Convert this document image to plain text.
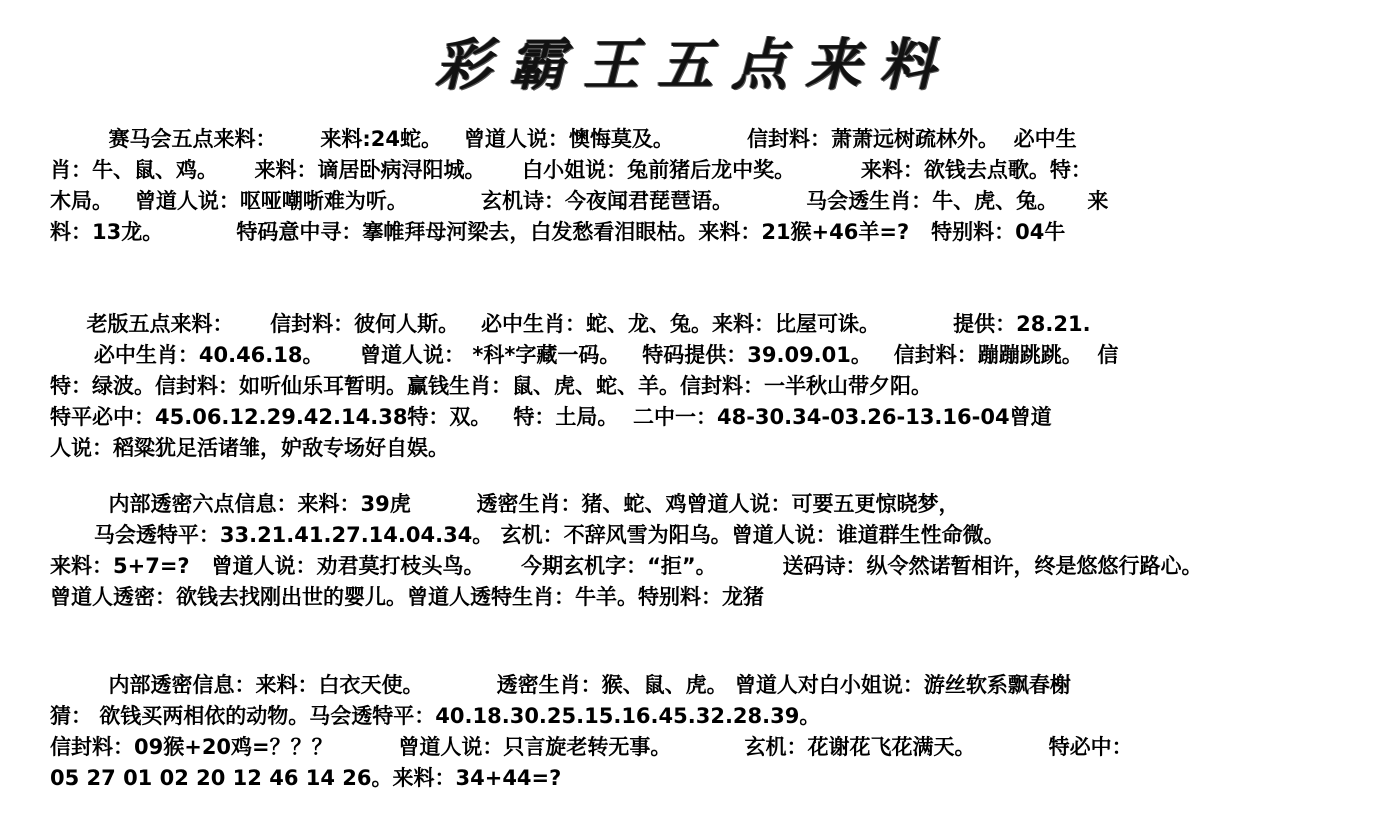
彩霸王五点来料
赛马会五点来料：      来料:24蛇。   曾道人说：懊悔莫及。          信封料：萧萧远树疏林外。  必中生
肖：牛、鼠、鸡。     来料：谪居卧病浔阳城。     白小姐说：兔前猪后龙中奖。         来料：欲钱去点歌。特：
木局。   曾道人说：呕哑嘲哳难为听。          玄机诗：今夜闻君琵琶语。          马会透生肖：牛、虎、兔。    来
料：13龙。          特码意中寻：搴帷拜母河梁去，白发愁看泪眼枯。来料：21猴+46羊=?   特别料：04牛
老版五点来料：     信封料：彼何人斯。   必中生肖：蛇、龙、兔。来料：比屋可诛。          提供：28.21.
必中生肖：40.46.18。     曾道人说： *科*字藏一码。   特码提供：39.09.01。   信封料：蹦蹦跳跳。  信
特：绿波。信封料：如听仙乐耳暂明。赢钱生肖：鼠、虎、蛇、羊。信封料：一半秋山带夕阳。
特平必中：45.06.12.29.42.14.38特：双。   特：土局。  二中一：48-30.34-03.26-13.16-04曾道
人说：稻粱犹足活诸雏，妒敌专场好自娱。
内部透密六点信息：来料：39虎         透密生肖：猪、蛇、鸡曾道人说：可要五更惊晓梦，
马会透特平：33.21.41.27.14.04.34。 玄机：不辞风雪为阳乌。曾道人说：谁道群生性命微。
来料：5+7=?   曾道人说：劝君莫打枝头鸟。     今期玄机字：“拒”。         送码诗：纵令然诺暂相许，终是悠悠行路心。
曾道人透密：欲钱去找刚出世的婴儿。曾道人透特生肖：牛羊。特别料：龙猪
内部透密信息：来料：白衣天使。          透密生肖：猴、鼠、虎。 曾道人对白小姐说：游丝软系飘春榭
猜： 欲钱买两相依的动物。马会透特平：40.18.30.25.15.16.45.32.28.39。
信封料：09猴+20鸡=？？？         曾道人说：只言旋老转无事。          玄机：花谢花飞花满天。          特必中：
05 27 01 02 20 12 46 14 26。来料：34+44=?
